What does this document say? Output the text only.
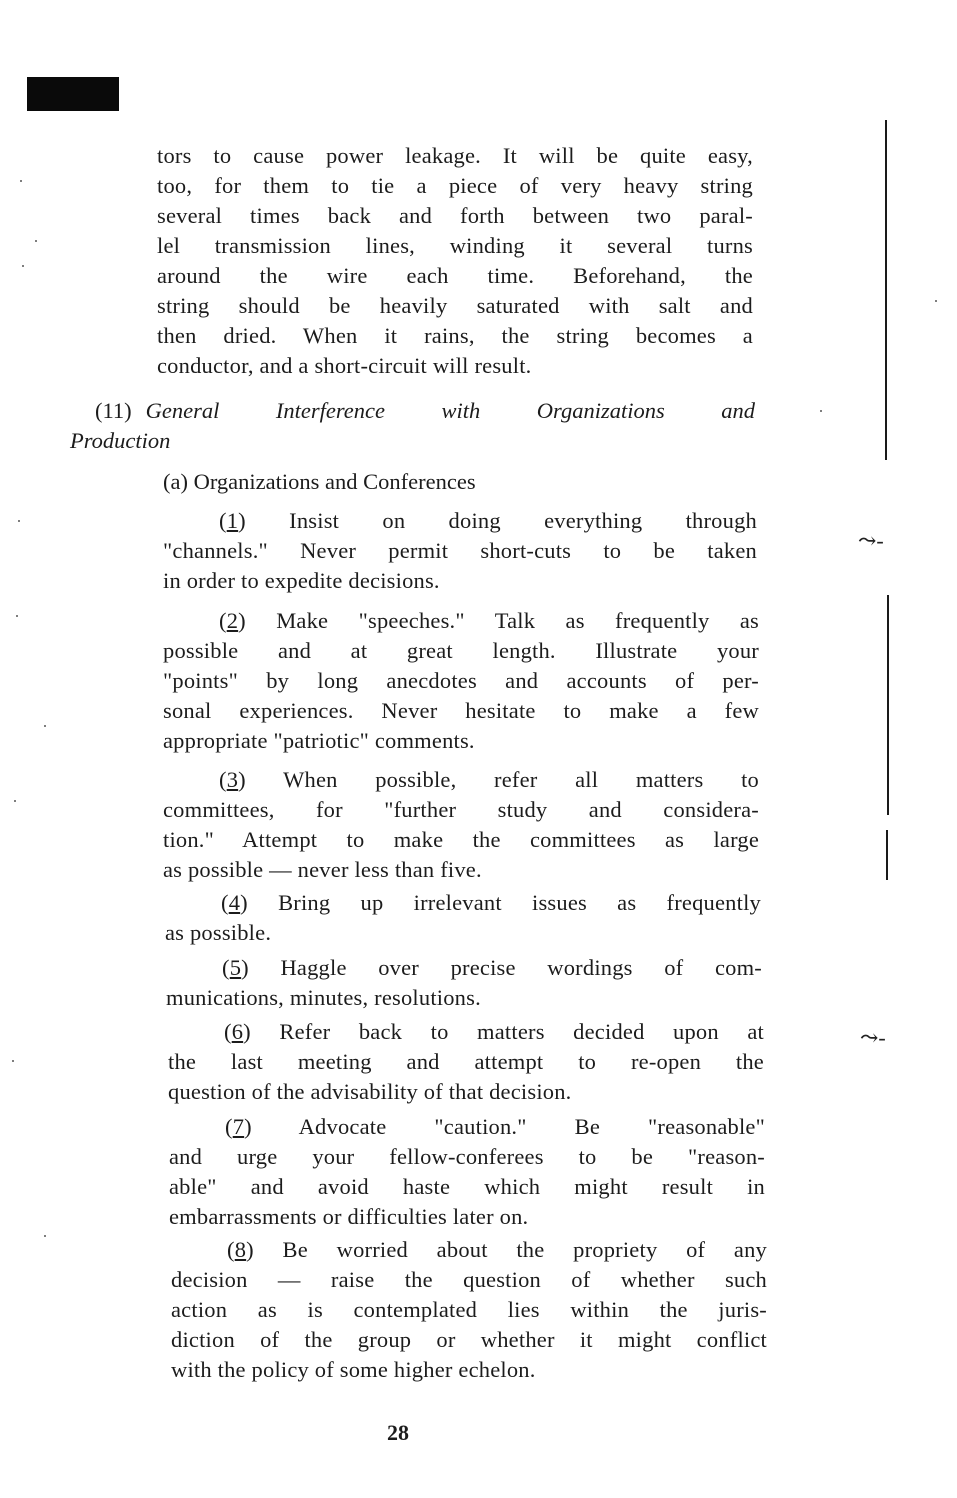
⤳‐
⤳‐
tors to cause power leakage. It will be quite easy,
too, for them to tie a piece of very heavy string
several times back and forth between two paral-
lel transmission lines, winding it several turns
around the wire each time. Beforehand, the
string should be heavily saturated with salt and
then dried. When it rains, the string becomes a
conductor, and a short-circuit will result.
(11) General Interference with Organizations and
Production
(a) Organizations and Conferences
(1) Insist on doing everything through
"channels." Never permit short-cuts to be taken
in order to expedite decisions.
(2) Make "speeches." Talk as frequently as
possible and at great length. Illustrate your
"points" by long anecdotes and accounts of per-
sonal experiences. Never hesitate to make a few
appropriate "patriotic" comments.
(3) When possible, refer all matters to
committees, for "further study and considera-
tion." Attempt to make the committees as large
as possible — never less than five.
(4) Bring up irrelevant issues as frequently
as possible.
(5) Haggle over precise wordings of com-
munications, minutes, resolutions.
(6) Refer back to matters decided upon at
the last meeting and attempt to re-open the
question of the advisability of that decision.
(7) Advocate "caution." Be "reasonable"
and urge your fellow-conferees to be "reason-
able" and avoid haste which might result in
embarrassments or difficulties later on.
(8) Be worried about the propriety of any
decision — raise the question of whether such
action as is contemplated lies within the juris-
diction of the group or whether it might conflict
with the policy of some higher echelon.
28
